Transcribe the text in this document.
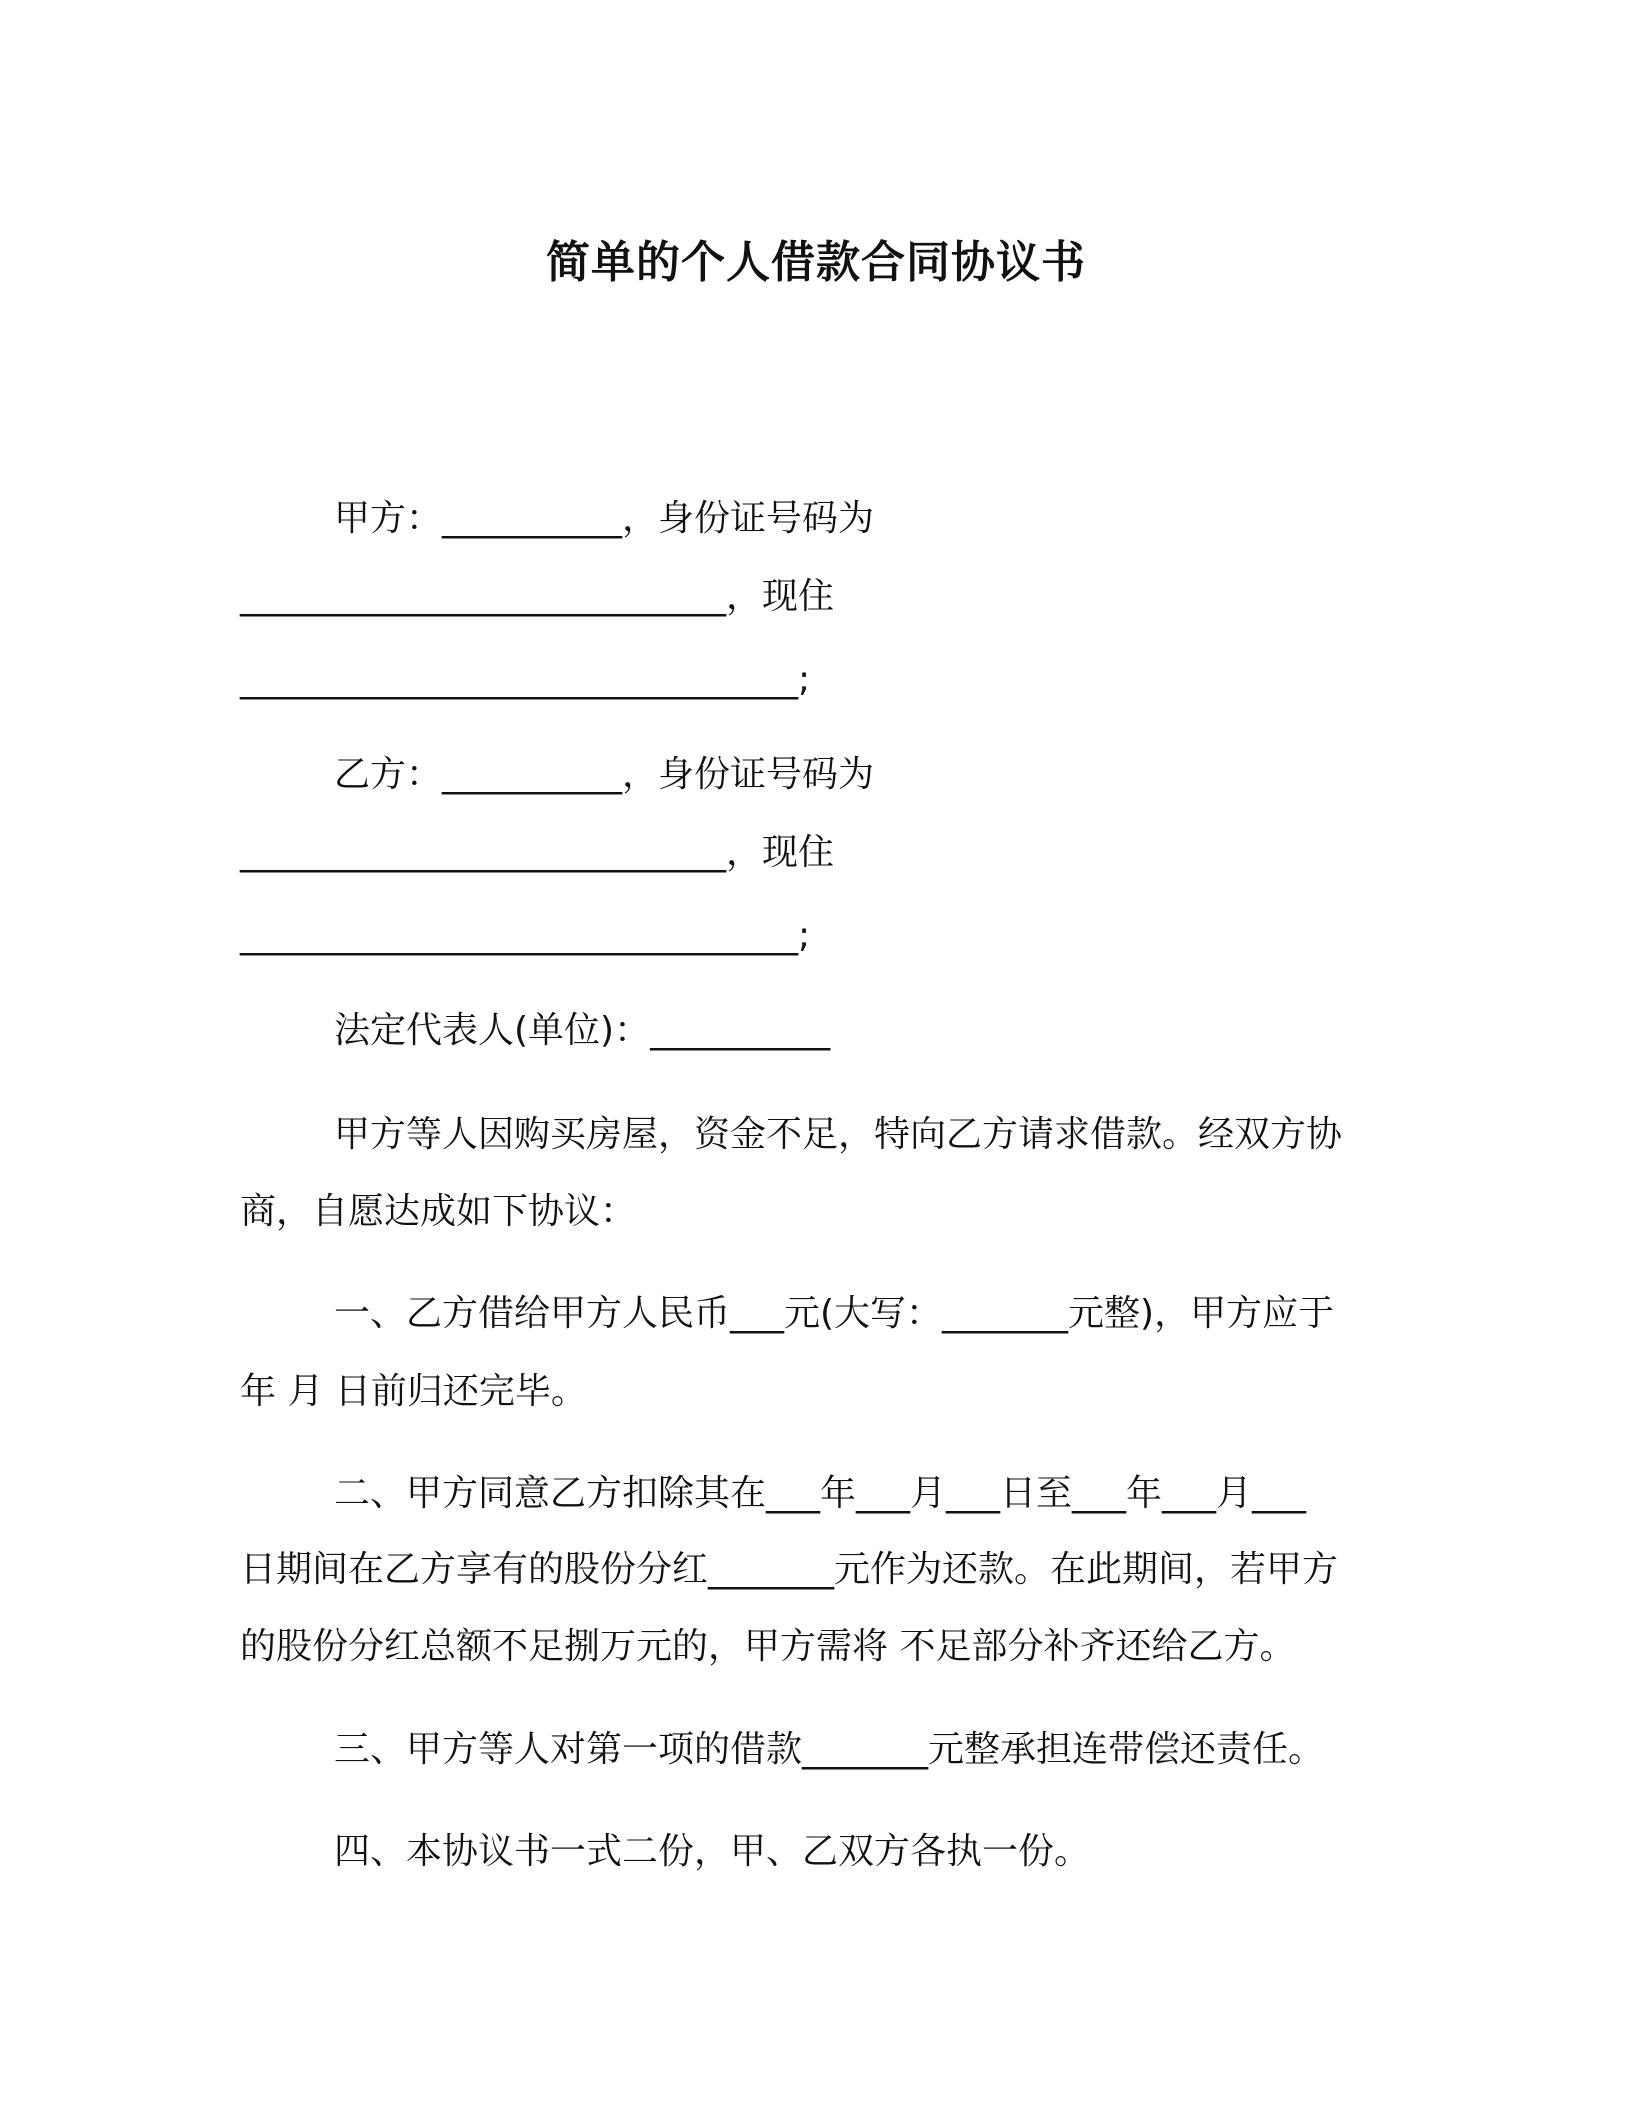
简单的个人借款合同协议书
甲方：__________，身份证号码为
___________________________，现住
_______________________________;
乙方：__________，身份证号码为
___________________________，现住
_______________________________;
法定代表人(单位)：__________
甲方等人因购买房屋，资金不足，特向乙方请求借款。经双方协
商，自愿达成如下协议：
一、乙方借给甲方人民币___元(大写：_______元整)，甲方应于
年 月 日前归还完毕。
二、甲方同意乙方扣除其在___年___月___日至___年___月___
日期间在乙方享有的股份分红_______元作为还款。在此期间，若甲方
的股份分红总额不足捌万元的，甲方需将 不足部分补齐还给乙方。
三、甲方等人对第一项的借款_______元整承担连带偿还责任。
四、本协议书一式二份，甲、乙双方各执一份。
